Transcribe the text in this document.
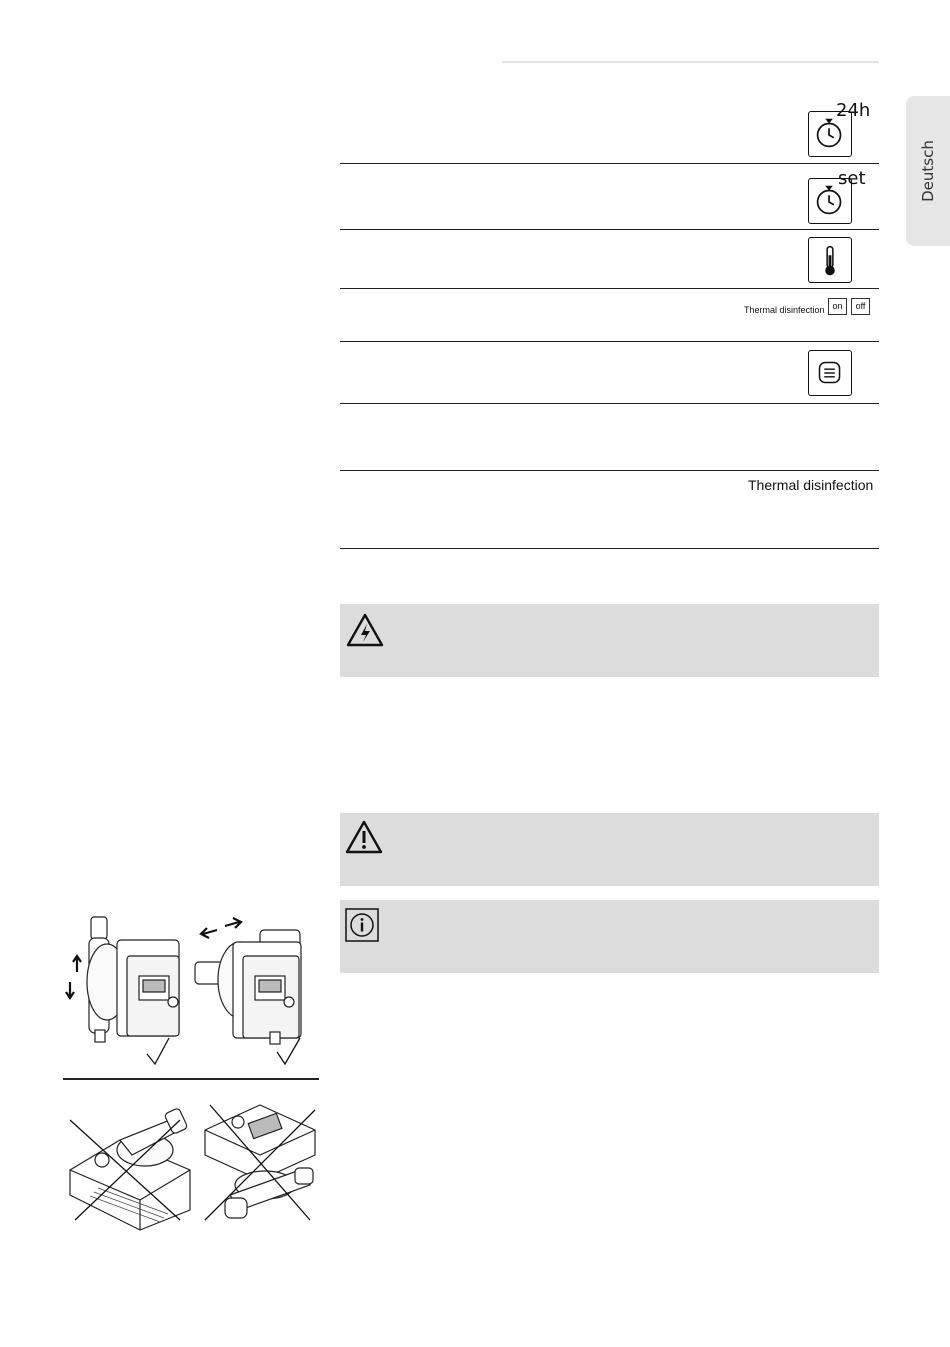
Deutsch
24h
set
Thermal disinfection on	off
Thermal disinfection
